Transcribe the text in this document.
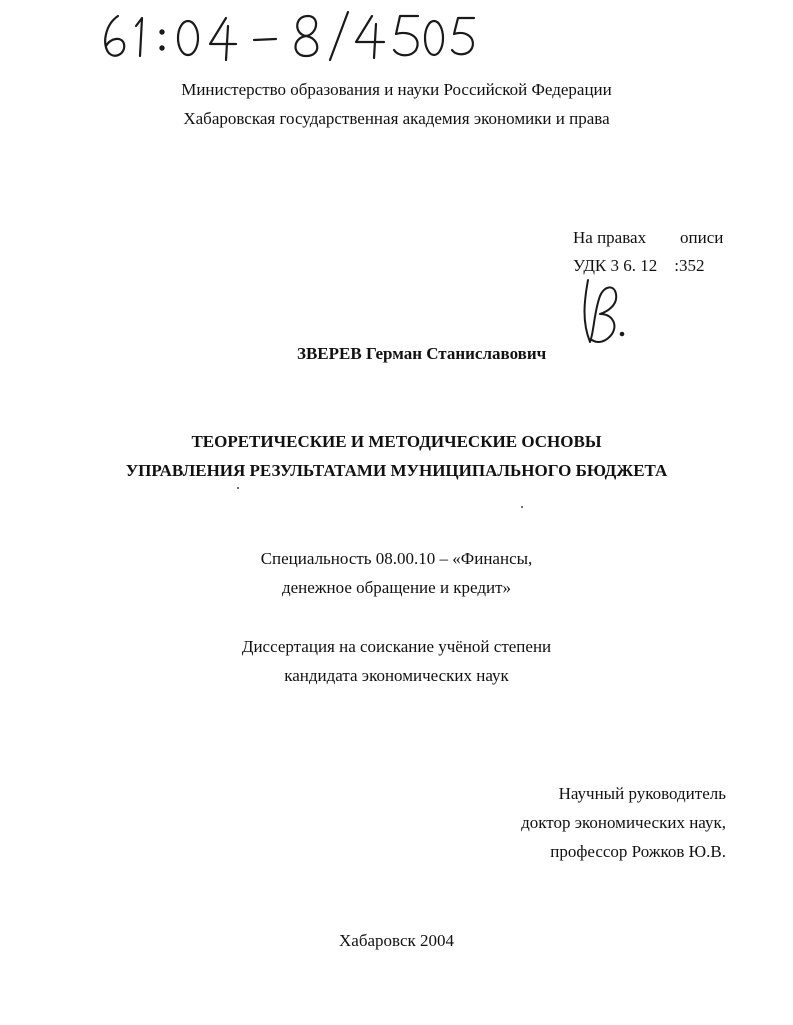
Министерство образования и науки Российской Федерации
Хабаровская государственная академия экономики и права
На правах описи
УДК 3 6. 12    :352
ЗВЕРЕВ Герман Станиславович
ТЕОРЕТИЧЕСКИЕ И МЕТОДИЧЕСКИЕ ОСНОВЫ
УПРАВЛЕНИЯ РЕЗУЛЬТАТАМИ МУНИЦИПАЛЬНОГО БЮДЖЕТА
Специальность 08.00.10 – «Финансы,
денежное обращение и кредит»
Диссертация на соискание учёной степени
кандидата экономических наук
Научный руководитель
доктор экономических наук,
профессор Рожков Ю.В.
Хабаровск 2004
